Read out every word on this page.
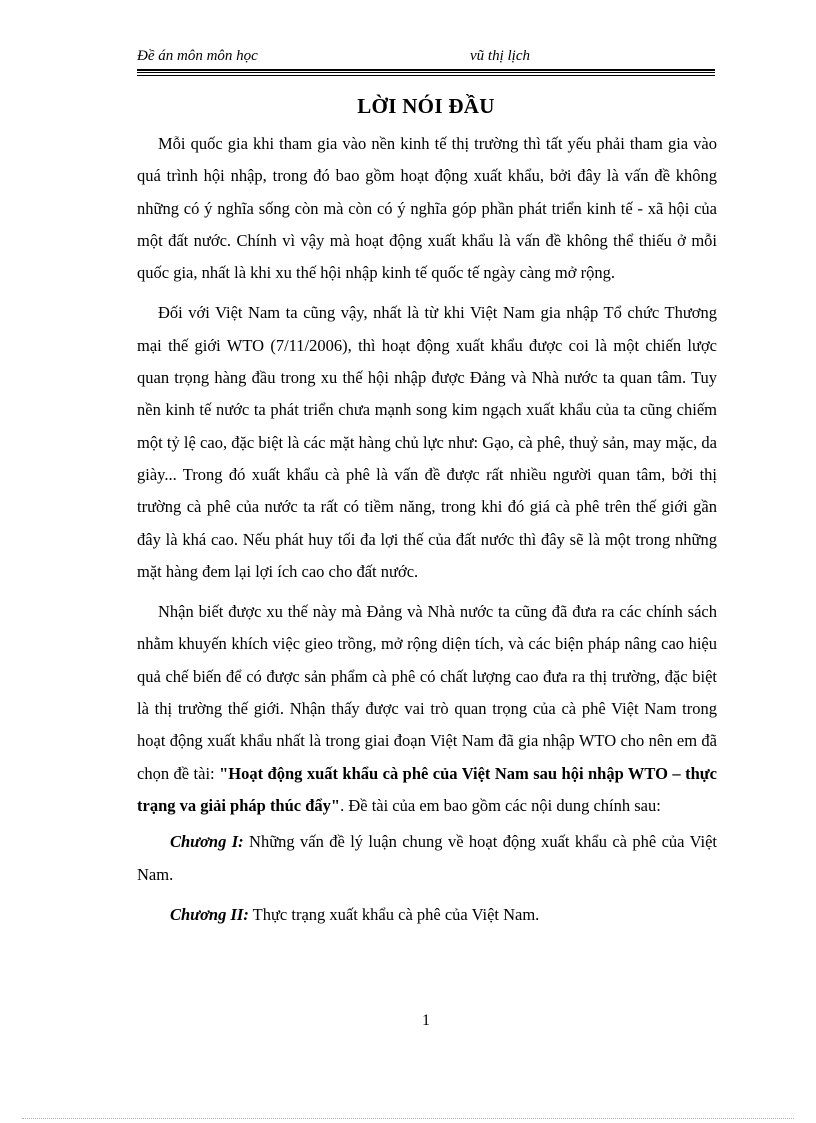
Đề án môn môn học	vũ thị lịch
LỜI NÓI ĐẦU

Mỗi quốc gia khi tham gia vào nền kinh tế thị trường thì tất yếu phải tham gia vào quá trình hội nhập, trong đó bao gồm hoạt động xuất khẩu, bởi đây là vấn đề không những có ý nghĩa sống còn mà còn có ý nghĩa góp phần phát triển kinh tế - xã hội của một đất nước. Chính vì vậy mà hoạt động xuất khẩu là vấn đề không thể thiếu ở mỗi quốc gia, nhất là khi xu thế hội nhập kinh tế quốc tế ngày càng mở rộng.

Đối với Việt Nam ta cũng vậy, nhất là từ khi Việt Nam gia nhập Tổ chức Thương mại thế giới WTO (7/11/2006), thì hoạt động xuất khẩu được coi là một chiến lược quan trọng hàng đầu trong xu thế hội nhập được Đảng và Nhà nước ta quan tâm. Tuy nền kinh tế nước ta phát triển chưa mạnh song kim ngạch xuất khẩu của ta cũng chiếm một tỷ lệ cao, đặc biệt là các mặt hàng chủ lực như: Gạo, cà phê, thuỷ sản, may mặc, da giày... Trong đó xuất khẩu cà phê là vấn đề được rất nhiều người quan tâm, bởi thị trường cà phê của nước ta rất có tiềm năng, trong khi đó giá cà phê trên thế giới gần đây là khá cao. Nếu phát huy tối đa lợi thế của đất nước thì đây sẽ là một trong những mặt hàng đem lại lợi ích cao cho đất nước.

Nhận biết được xu thế này mà Đảng và Nhà nước ta cũng đã đưa ra các chính sách nhằm khuyến khích việc gieo trồng, mở rộng diện tích, và các biện pháp nâng cao hiệu quả chế biến để có được sản phẩm cà phê có chất lượng cao đưa ra thị trường, đặc biệt là thị trường thế giới. Nhận thấy được vai trò quan trọng của cà phê Việt Nam trong hoạt động xuất khẩu nhất là trong giai đoạn Việt Nam đã gia nhập WTO cho nên em đã chọn đề tài: "Hoạt động xuất khẩu cà phê của Việt Nam sau hội nhập WTO – thực trạng va giải pháp thúc đẩy". Đề tài của em bao gồm các nội dung chính sau:

Chương I: Những vấn đề lý luận chung về hoạt động xuất khẩu cà phê của Việt Nam.

Chương II: Thực trạng xuất khẩu cà phê của Việt Nam.

1
